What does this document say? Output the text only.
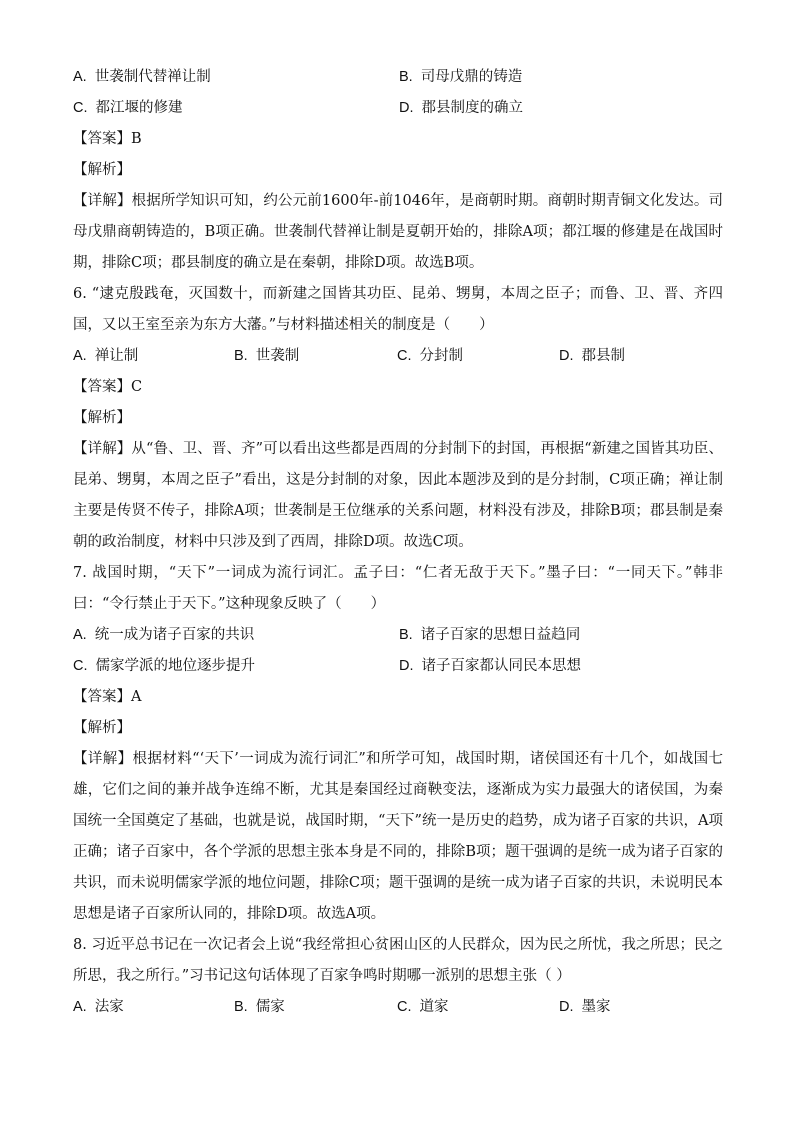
A. 世袭制代替禅让制	B. 司母戊鼎的铸造
C. 都江堰的修建	D. 郡县制度的确立
【答案】B
【解析】

【详解】根据所学知识可知，约公元前1600年-前1046年，是商朝时期。商朝时期青铜文化发达。司母戊鼎商朝铸造的，B项正确。世袭制代替禅让制是夏朝开始的，排除A项；都江堰的修建是在战国时期，排除C项；郡县制度的确立是在秦朝，排除D项。故选B项。

6. “逮克殷践奄，灭国数十，而新建之国皆其功臣、昆弟、甥舅，本周之臣子；而鲁、卫、晋、齐四国，又以王室至亲为东方大藩。”与材料描述相关的制度是（　　）

A. 禅让制	B. 世袭制	C. 分封制	D. 郡县制
【答案】C
【解析】

【详解】从“鲁、卫、晋、齐”可以看出这些都是西周的分封制下的封国，再根据“新建之国皆其功臣、昆弟、甥舅，本周之臣子”看出，这是分封制的对象，因此本题涉及到的是分封制，C项正确；禅让制主要是传贤不传子，排除A项；世袭制是王位继承的关系问题，材料没有涉及，排除B项；郡县制是秦朝的政治制度，材料中只涉及到了西周，排除D项。故选C项。

7. 战国时期，“天下”一词成为流行词汇。孟子曰：“仁者无敌于天下。”墨子曰：“一同天下。”韩非曰：“令行禁止于天下。”这种现象反映了（　　）

A. 统一成为诸子百家的共识	B. 诸子百家的思想日益趋同
C. 儒家学派的地位逐步提升	D. 诸子百家都认同民本思想
【答案】A
【解析】

【详解】根据材料“‘天下’一词成为流行词汇”和所学可知，战国时期，诸侯国还有十几个，如战国七雄，它们之间的兼并战争连绵不断，尤其是秦国经过商鞅变法，逐渐成为实力最强大的诸侯国，为秦国统一全国奠定了基础，也就是说，战国时期，“天下”统一是历史的趋势，成为诸子百家的共识，A项正确；诸子百家中，各个学派的思想主张本身是不同的，排除B项；题干强调的是统一成为诸子百家的共识，而未说明儒家学派的地位问题，排除C项；题干强调的是统一成为诸子百家的共识，未说明民本思想是诸子百家所认同的，排除D项。故选A项。

8. 习近平总书记在一次记者会上说“我经常担心贫困山区的人民群众，因为民之所忧，我之所思；民之所思，我之所行。”习书记这句话体现了百家争鸣时期哪一派别的思想主张（ ）

A. 法家	B. 儒家	C. 道家	D. 墨家
